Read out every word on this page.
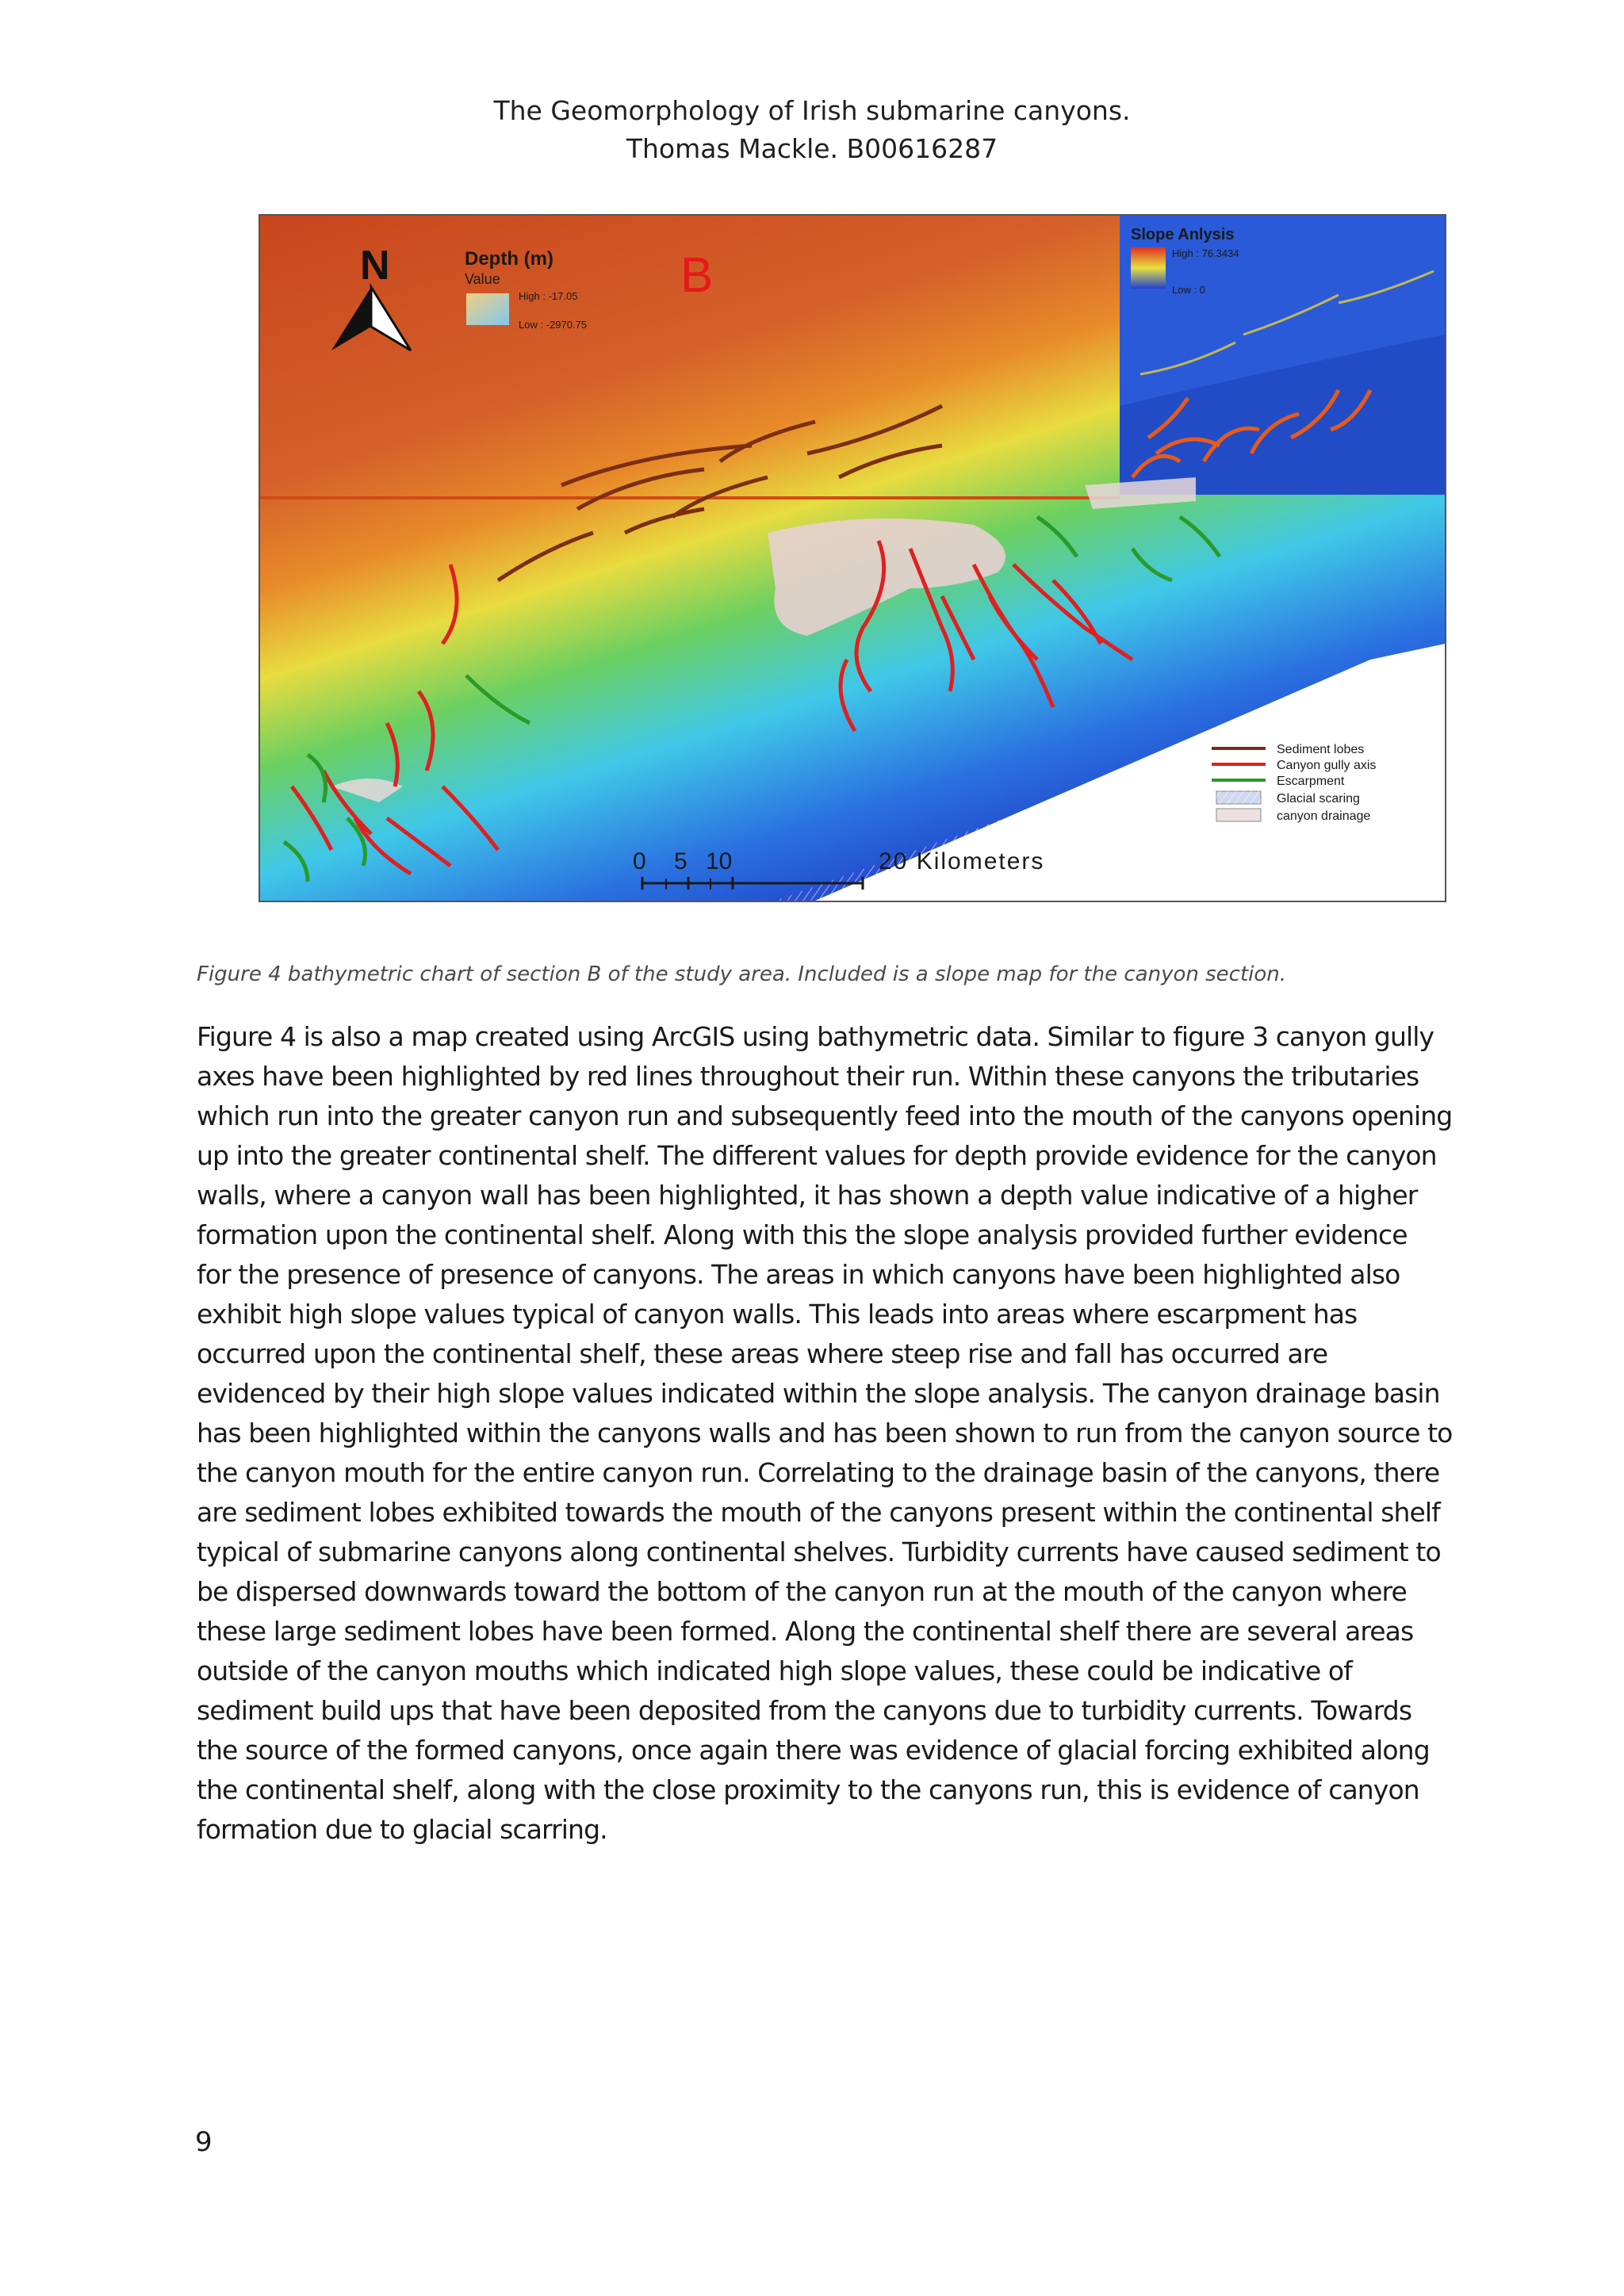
The Geomorphology of Irish submarine canyons.
Thomas Mackle. B00616287
N	Depth (m)
Value
High : -17.05
Low : -2970.75
B
Slope Anlysis
High : 76.3434
Low : 0
Sediment lobes
Canyon gully axis
Escarpment
Glacial scaring
canyon drainage
0 5 10	20 Kilometers
Figure 4 bathymetric chart of section B of the study area. Included is a slope map for the canyon section.
Figure 4 is also a map created using ArcGIS using bathymetric data. Similar to figure 3 canyon gully
axes have been highlighted by red lines throughout their run. Within these canyons the tributaries
which run into the greater canyon run and subsequently feed into the mouth of the canyons opening
up into the greater continental shelf. The different values for depth provide evidence for the canyon
walls, where a canyon wall has been highlighted, it has shown a depth value indicative of a higher
formation upon the continental shelf. Along with this the slope analysis provided further evidence
for the presence of presence of canyons. The areas in which canyons have been highlighted also
exhibit high slope values typical of canyon walls. This leads into areas where escarpment has
occurred upon the continental shelf, these areas where steep rise and fall has occurred are
evidenced by their high slope values indicated within the slope analysis. The canyon drainage basin
has been highlighted within the canyons walls and has been shown to run from the canyon source to
the canyon mouth for the entire canyon run. Correlating to the drainage basin of the canyons, there
are sediment lobes exhibited towards the mouth of the canyons present within the continental shelf
typical of submarine canyons along continental shelves. Turbidity currents have caused sediment to
be dispersed downwards toward the bottom of the canyon run at the mouth of the canyon where
these large sediment lobes have been formed. Along the continental shelf there are several areas
outside of the canyon mouths which indicated high slope values, these could be indicative of
sediment build ups that have been deposited from the canyons due to turbidity currents. Towards
the source of the formed canyons, once again there was evidence of glacial forcing exhibited along
the continental shelf, along with the close proximity to the canyons run, this is evidence of canyon
formation due to glacial scarring.
9
